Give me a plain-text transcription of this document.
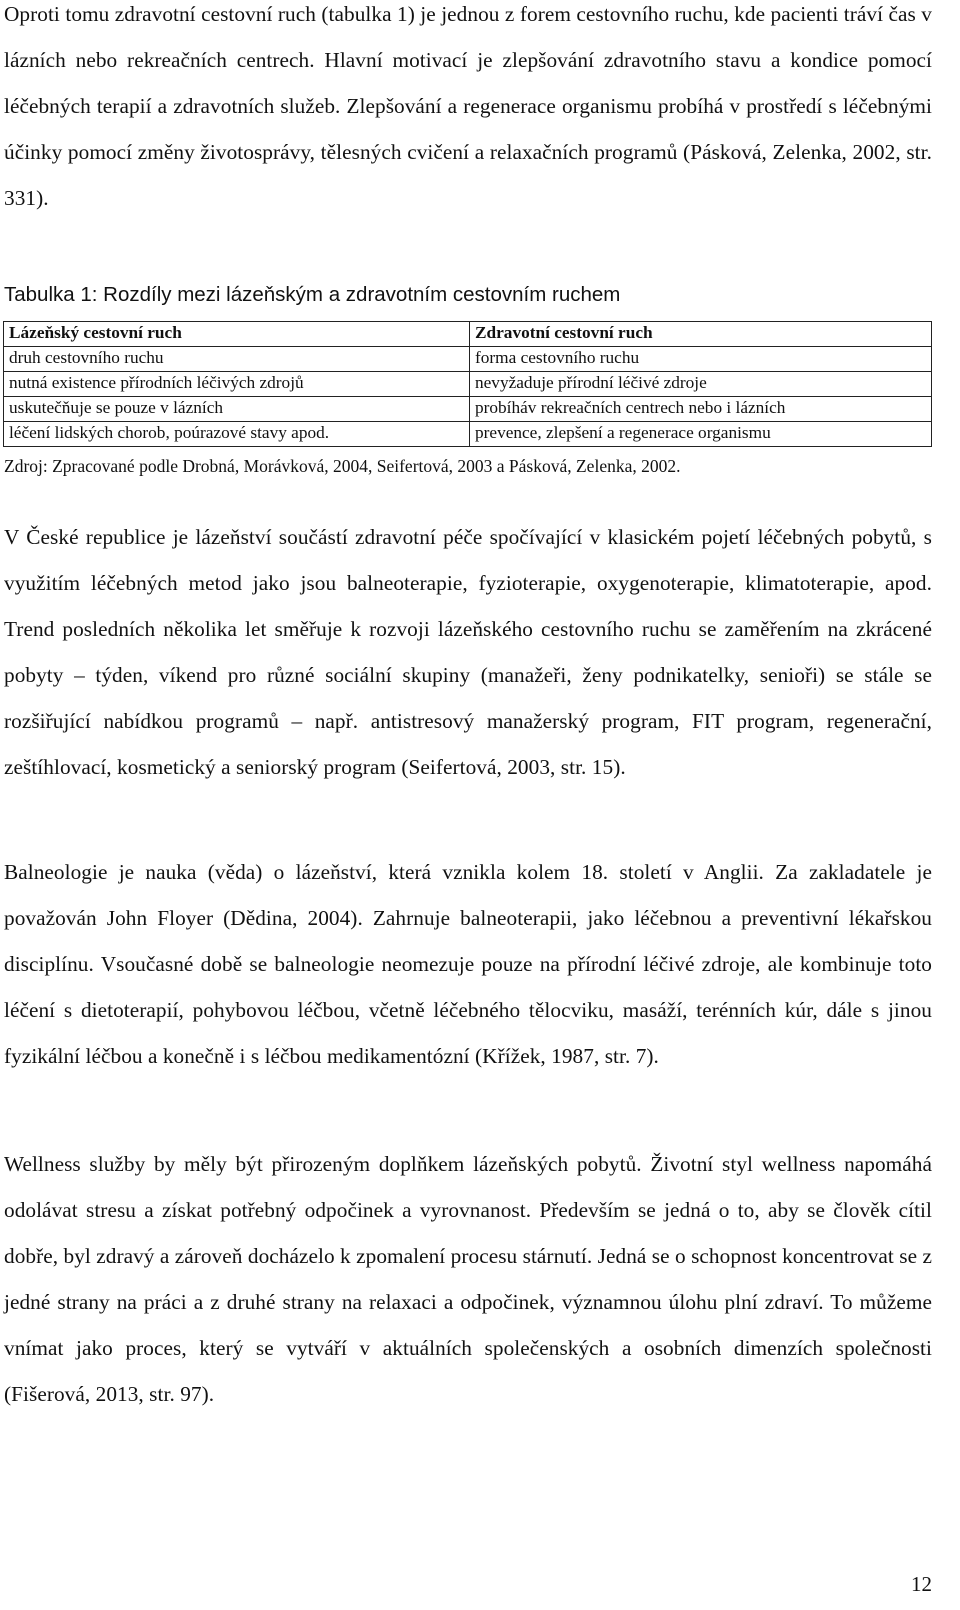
Oproti tomu zdravotní cestovní ruch (tabulka 1) je jednou z forem cestovního ruchu, kde pacienti tráví čas v lázních nebo rekreačních centrech. Hlavní motivací je zlepšování zdravotního stavu a kondice pomocí léčebných terapií a zdravotních služeb. Zlepšování a regenerace organismu probíhá v prostředí s léčebnými účinky pomocí změny životosprávy, tělesných cvičení a relaxačních programů (Pásková, Zelenka, 2002, str. 331).

Tabulka 1: Rozdíly mezi lázeňským a zdravotním cestovním ruchem

Lázeňský cestovní ruch	Zdravotní cestovní ruch
druh cestovního ruchu	forma cestovního ruchu
nutná existence přírodních léčivých zdrojů	nevyžaduje přírodní léčivé zdroje
uskutečňuje se pouze v lázních	probíháv rekreačních centrech nebo i lázních
léčení lidských chorob, poúrazové stavy apod.	prevence, zlepšení a regenerace organismu

Zdroj: Zpracované podle Drobná, Morávková, 2004, Seifertová, 2003 a Pásková, Zelenka, 2002.

V České republice je lázeňství součástí zdravotní péče spočívající v klasickém pojetí léčebných pobytů, s využitím léčebných metod jako jsou balneoterapie, fyzioterapie, oxygenoterapie, klimatoterapie, apod. Trend posledních několika let směřuje k rozvoji lázeňského cestovního ruchu se zaměřením na zkrácené pobyty – týden, víkend pro různé sociální skupiny (manažeři, ženy podnikatelky, senioři) se stále se rozšiřující nabídkou programů – např. antistresový manažerský program, FIT program, regenerační, zeštíhlovací, kosmetický a seniorský program (Seifertová, 2003, str. 15).

Balneologie je nauka (věda) o lázeňství, která vznikla kolem 18. století v Anglii. Za zakladatele je považován John Floyer (Dědina, 2004). Zahrnuje balneoterapii, jako léčebnou a preventivní lékařskou disciplínu. Vsoučasné době se balneologie neomezuje pouze na přírodní léčivé zdroje, ale kombinuje toto léčení s dietoterapií, pohybovou léčbou, včetně léčebného tělocviku, masáží, terénních kúr, dále s jinou fyzikální léčbou a konečně i s léčbou medikamentózní (Křížek, 1987, str. 7).

Wellness služby by měly být přirozeným doplňkem lázeňských pobytů. Životní styl wellness napomáhá odolávat stresu a získat potřebný odpočinek a vyrovnanost. Především se jedná o to, aby se člověk cítil dobře, byl zdravý a zároveň docházelo k zpomalení procesu stárnutí. Jedná se o schopnost koncentrovat se z jedné strany na práci a z druhé strany na relaxaci a odpočinek, významnou úlohu plní zdraví. To můžeme vnímat jako proces, který se vytváří v aktuálních společenských a osobních dimenzích společnosti (Fišerová, 2013, str. 97).

12
